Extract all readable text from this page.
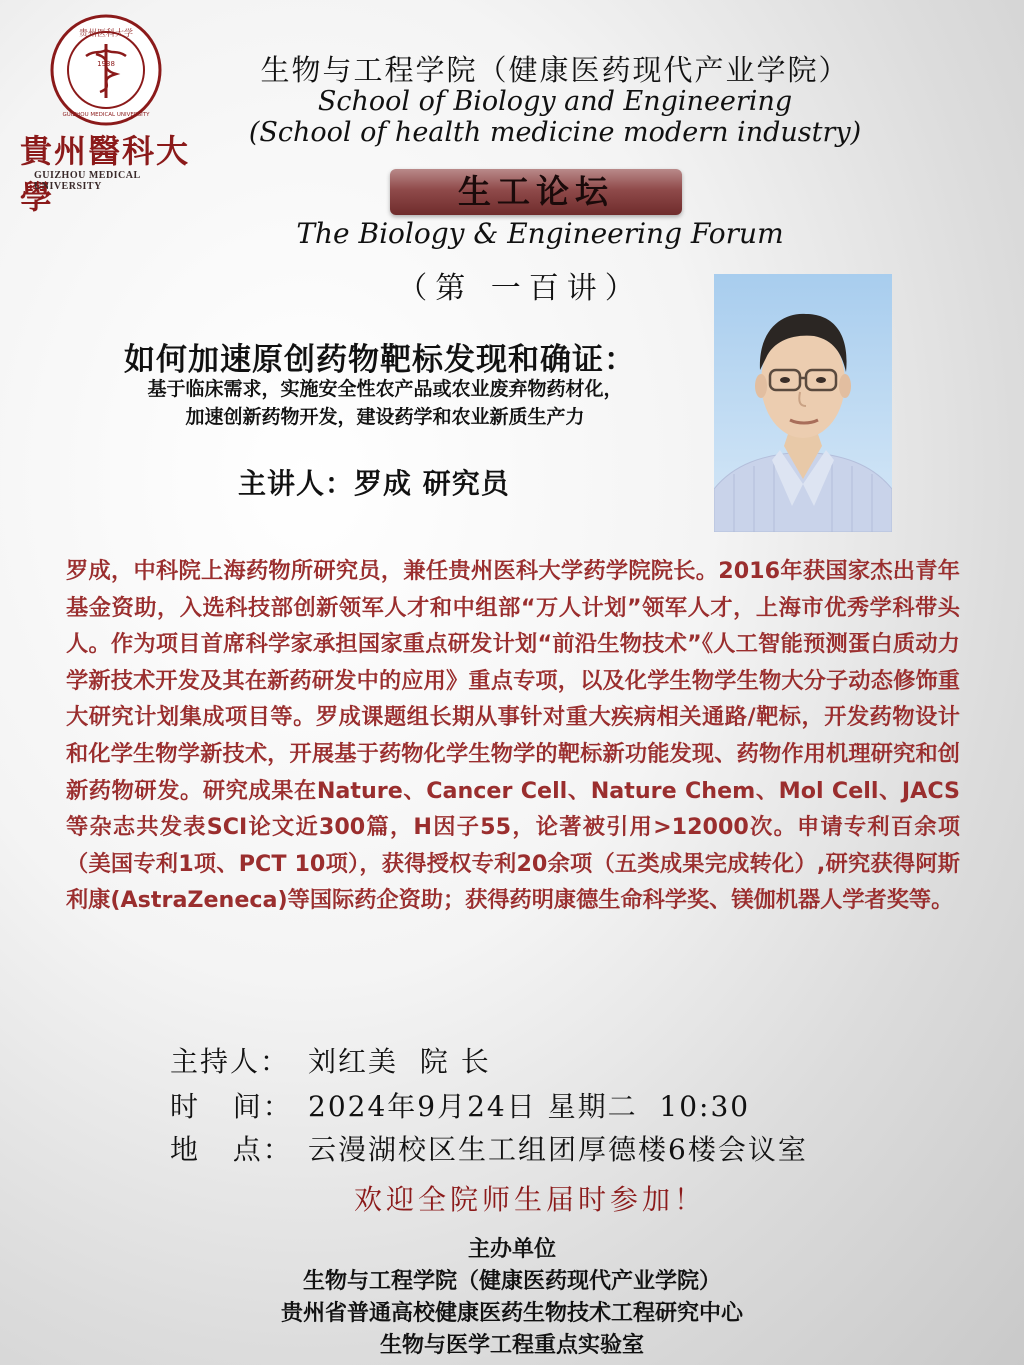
贵州医科大学
1938
GUIZHOU MEDICAL UNIVERSITY
貴州醫科大學
GUIZHOU MEDICAL UNIVERSITY
生物与工程学院（健康医药现代产业学院）
School of Biology and Engineering
(School of health medicine modern industry)
生工论坛
The Biology & Engineering Forum
（第 一百讲）
如何加速原创药物靶标发现和确证：
基于临床需求，实施安全性农产品或农业废弃物药材化，
加速创新药物开发，建设药学和农业新质生产力
主讲人：罗成 研究员
罗成，中科院上海药物所研究员，兼任贵州医科大学药学院院长。2016年获国家杰出青年基金资助，入选科技部创新领军人才和中组部“万人计划”领军人才，上海市优秀学科带头人。作为项目首席科学家承担国家重点研发计划“前沿生物技术”《人工智能预测蛋白质动力学新技术开发及其在新药研发中的应用》重点专项，以及化学生物学生物大分子动态修饰重大研究计划集成项目等。罗成课题组长期从事针对重大疾病相关通路/靶标，开发药物设计和化学生物学新技术，开展基于药物化学生物学的靶标新功能发现、药物作用机理研究和创新药物研发。研究成果在Nature、Cancer Cell、Nature Chem、Mol Cell、JACS等杂志共发表SCI论文近300篇，H因子55，论著被引用>12000次。申请专利百余项（美国专利1项、PCT 10项），获得授权专利20余项（五类成果完成转化）,研究获得阿斯利康(AstraZeneca)等国际药企资助；获得药明康德生命科学奖、镁伽机器人学者奖等。
主持人： 刘红美  院 长
时   间： 2024年9月24日 星期二  10:30
地   点： 云漫湖校区生工组团厚德楼6楼会议室
欢迎全院师生届时参加！
主办单位
生物与工程学院（健康医药现代产业学院）
贵州省普通高校健康医药生物技术工程研究中心
生物与医学工程重点实验室
